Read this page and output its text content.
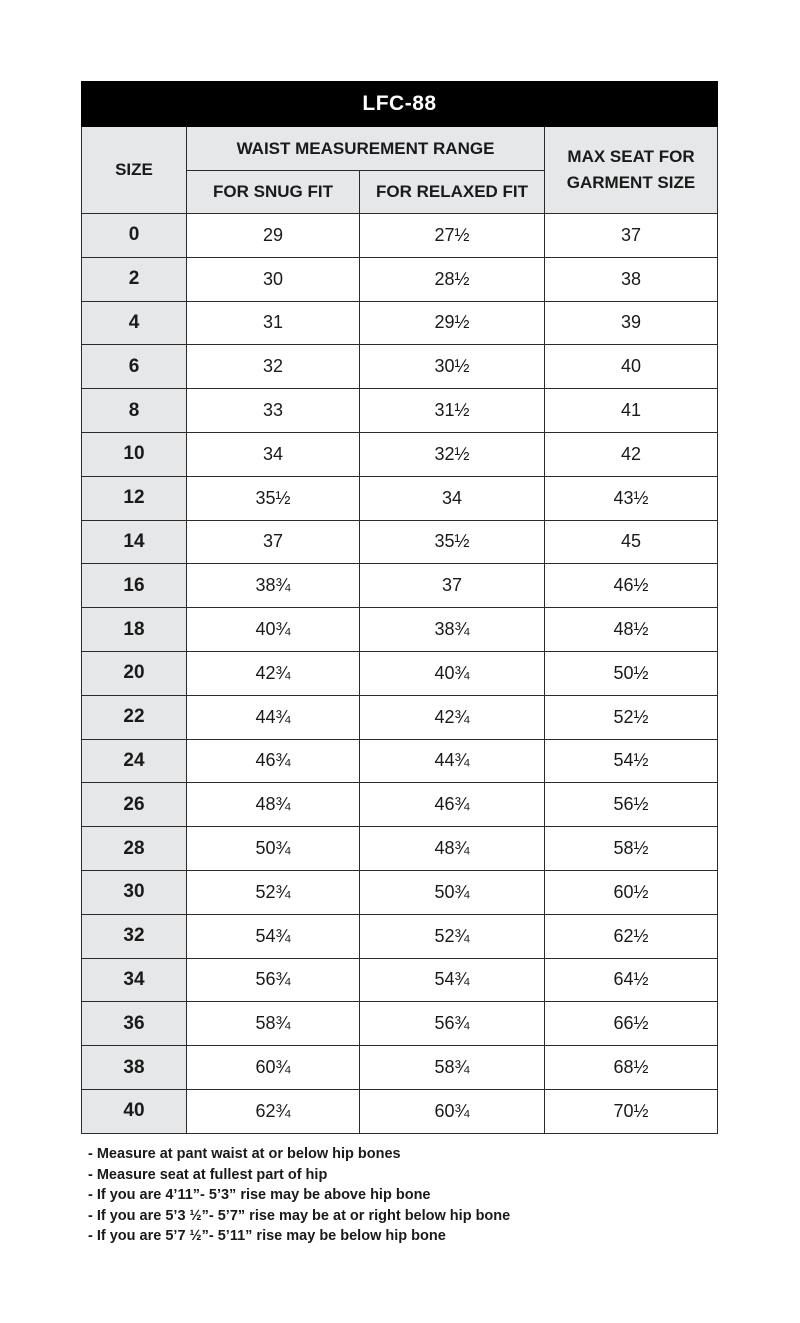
LFC-88			
SIZE	WAIST MEASUREMENT RANGE		MAX SEAT FOR
GARMENT SIZE
	FOR SNUG FIT	FOR RELAXED FIT	
0	29	27½	37
2	30	28½	38
4	31	29½	39
6	32	30½	40
8	33	31½	41
10	34	32½	42
12	35½	34	43½
14	37	35½	45
16	38¾	37	46½
18	40¾	38¾	48½
20	42¾	40¾	50½
22	44¾	42¾	52½
24	46¾	44¾	54½
26	48¾	46¾	56½
28	50¾	48¾	58½
30	52¾	50¾	60½
32	54¾	52¾	62½
34	56¾	54¾	64½
36	58¾	56¾	66½
38	60¾	58¾	68½
40	62¾	60¾	70½
- Measure at pant waist at or below hip bones
- Measure seat at fullest part of hip
- If you are 4’11”- 5’3” rise may be above hip bone
- If you are 5’3 ½”- 5’7” rise may be at or right below hip bone
- If you are 5’7 ½”- 5’11” rise may be below hip bone
